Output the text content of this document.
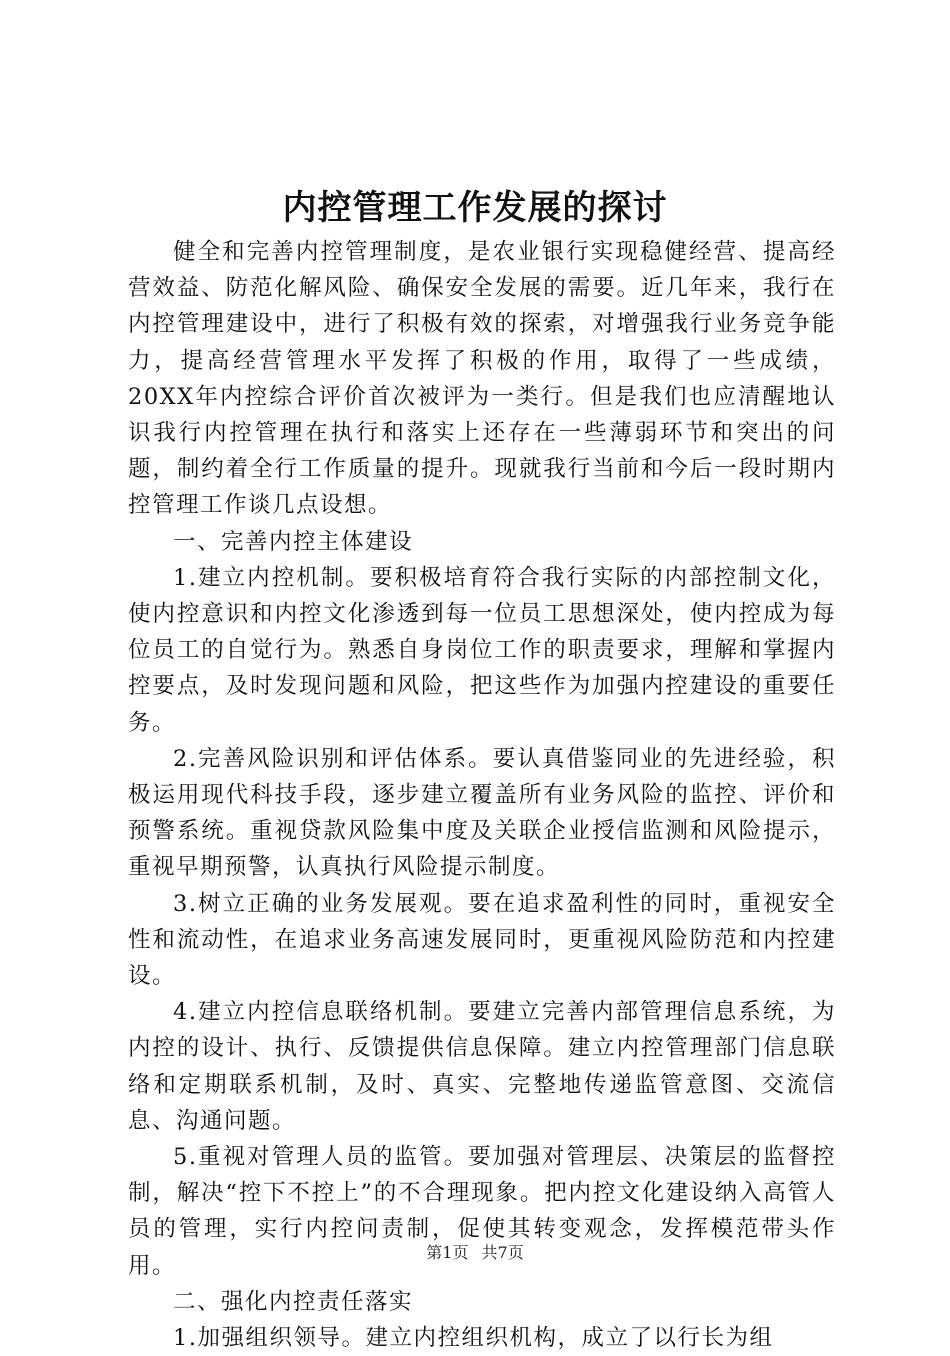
内控管理工作发展的探讨

健全和完善内控管理制度，是农业银行实现稳健经营、提高经营效益、防范化解风险、确保安全发展的需要。近几年来，我行在内控管理建设中，进行了积极有效的探索，对增强我行业务竞争能力，提高经营管理水平发挥了积极的作用，取得了一些成绩，20XX年内控综合评价首次被评为一类行。但是我们也应清醒地认识我行内控管理在执行和落实上还存在一些薄弱环节和突出的问题，制约着全行工作质量的提升。现就我行当前和今后一段时期内控管理工作谈几点设想。

一、完善内控主体建设

1.建立内控机制。要积极培育符合我行实际的内部控制文化，使内控意识和内控文化渗透到每一位员工思想深处，使内控成为每位员工的自觉行为。熟悉自身岗位工作的职责要求，理解和掌握内控要点，及时发现问题和风险，把这些作为加强内控建设的重要任务。

2.完善风险识别和评估体系。要认真借鉴同业的先进经验，积极运用现代科技手段，逐步建立覆盖所有业务风险的监控、评价和预警系统。重视贷款风险集中度及关联企业授信监测和风险提示，重视早期预警，认真执行风险提示制度。

3.树立正确的业务发展观。要在追求盈利性的同时，重视安全性和流动性，在追求业务高速发展同时，更重视风险防范和内控建设。

4.建立内控信息联络机制。要建立完善内部管理信息系统，为内控的设计、执行、反馈提供信息保障。建立内控管理部门信息联络和定期联系机制，及时、真实、完整地传递监管意图、交流信息、沟通问题。

5.重视对管理人员的监管。要加强对管理层、决策层的监督控制，解决“控下不控上”的不合理现象。把内控文化建设纳入高管人员的管理，实行内控问责制，促使其转变观念，发挥模范带头作用。

二、强化内控责任落实

1.加强组织领导。建立内控组织机构，成立了以行长为组

第1页 共7页
